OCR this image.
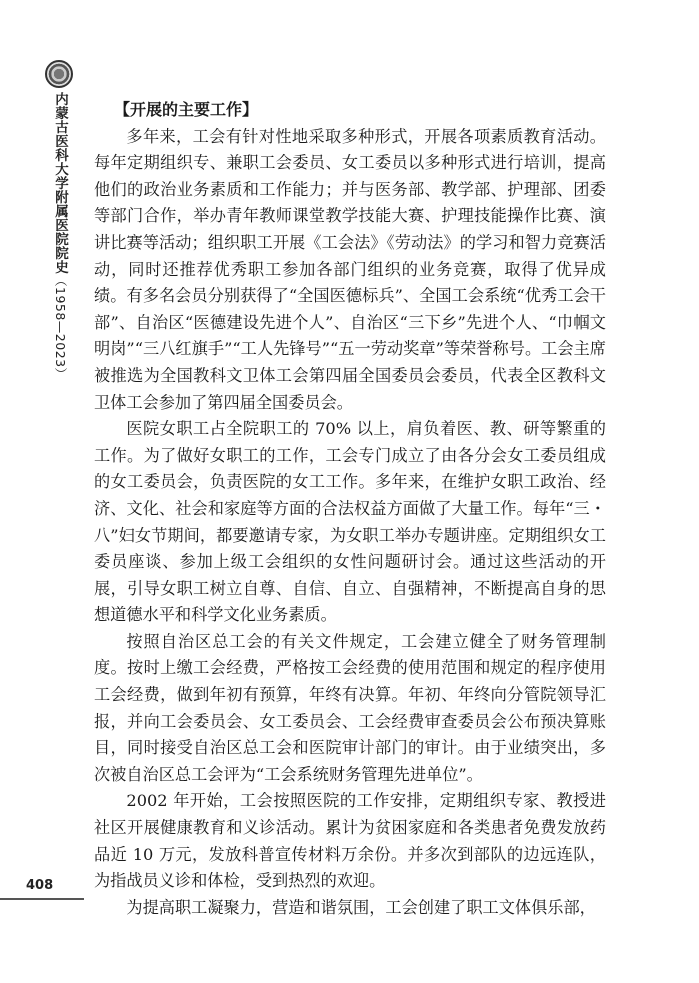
内蒙古医科大学附属医院院史（1958—2023）
【开展的主要工作】

多年来，工会有针对性地采取多种形式，开展各项素质教育活动。每年定期组织专、兼职工会委员、女工委员以多种形式进行培训，提高他们的政治业务素质和工作能力；并与医务部、教学部、护理部、团委等部门合作，举办青年教师课堂教学技能大赛、护理技能操作比赛、演讲比赛等活动；组织职工开展《工会法》《劳动法》的学习和智力竞赛活动，同时还推荐优秀职工参加各部门组织的业务竞赛，取得了优异成绩。有多名会员分别获得了“全国医德标兵”、全国工会系统“优秀工会干部”、自治区“医德建设先进个人”、自治区“三下乡”先进个人、“巾帼文明岗”“三八红旗手”“工人先锋号”“五一劳动奖章”等荣誉称号。工会主席被推选为全国教科文卫体工会第四届全国委员会委员，代表全区教科文卫体工会参加了第四届全国委员会。

医院女职工占全院职工的 70% 以上，肩负着医、教、研等繁重的工作。为了做好女职工的工作，工会专门成立了由各分会女工委员组成的女工委员会，负责医院的女工工作。多年来，在维护女职工政治、经济、文化、社会和家庭等方面的合法权益方面做了大量工作。每年“三・八”妇女节期间，都要邀请专家，为女职工举办专题讲座。定期组织女工委员座谈、参加上级工会组织的女性问题研讨会。通过这些活动的开展，引导女职工树立自尊、自信、自立、自强精神，不断提高自身的思想道德水平和科学文化业务素质。

按照自治区总工会的有关文件规定，工会建立健全了财务管理制度。按时上缴工会经费，严格按工会经费的使用范围和规定的程序使用工会经费，做到年初有预算，年终有决算。年初、年终向分管院领导汇报，并向工会委员会、女工委员会、工会经费审查委员会公布预决算账目，同时接受自治区总工会和医院审计部门的审计。由于业绩突出，多次被自治区总工会评为“工会系统财务管理先进单位”。

2002 年开始，工会按照医院的工作安排，定期组织专家、教授进社区开展健康教育和义诊活动。累计为贫困家庭和各类患者免费发放药品近 10 万元，发放科普宣传材料万余份。并多次到部队的边远连队，为指战员义诊和体检，受到热烈的欢迎。

为提高职工凝聚力，营造和谐氛围，工会创建了职工文体俱乐部，

408
